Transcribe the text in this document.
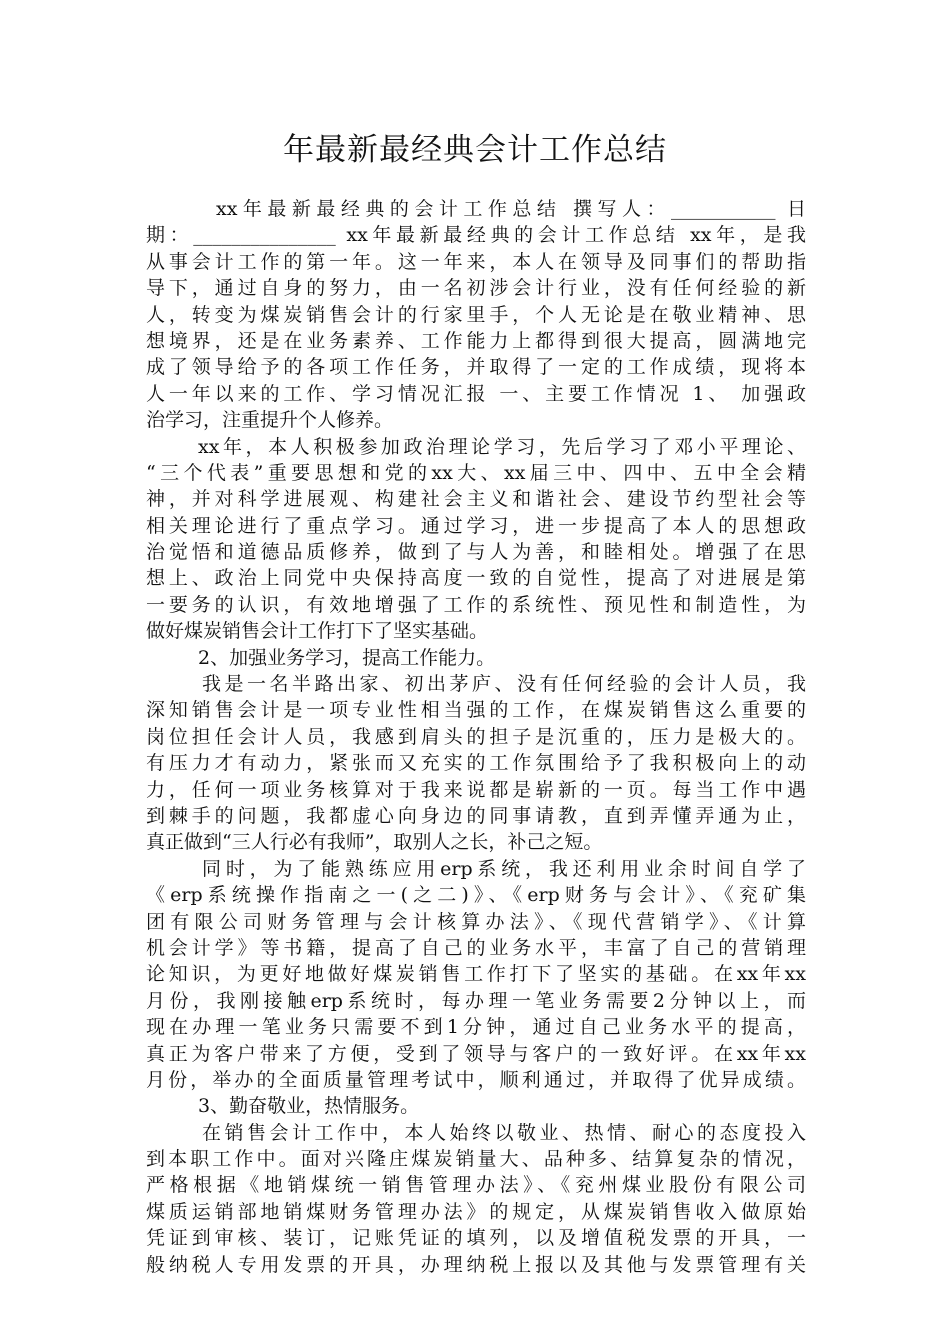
年最新最经典会计工作总结
xx年最新最经典的会计工作总结 撰写人：___________ 日
期：_______________ xx年最新最经典的会计工作总结 xx年，是我
从事会计工作的第一年。这一年来，本人在领导及同事们的帮助指
导下，通过自身的努力，由一名初涉会计行业，没有任何经验的新
人，转变为煤炭销售会计的行家里手，个人无论是在敬业精神、思
想境界，还是在业务素养、工作能力上都得到很大提高，圆满地完
成了领导给予的各项工作任务，并取得了一定的工作成绩，现将本
人一年以来的工作、学习情况汇报 一、主要工作情况 1、 加强政
治学习，注重提升个人修养。
xx年，本人积极参加政治理论学习，先后学习了邓小平理论、
“三个代表”重要思想和党的xx大、xx届三中、四中、五中全会精
神，并对科学进展观、构建社会主义和谐社会、建设节约型社会等
相关理论进行了重点学习。通过学习，进一步提高了本人的思想政
治觉悟和道德品质修养，做到了与人为善，和睦相处。增强了在思
想上、政治上同党中央保持高度一致的自觉性，提高了对进展是第
一要务的认识，有效地增强了工作的系统性、预见性和制造性，为
做好煤炭销售会计工作打下了坚实基础。
2、加强业务学习，提高工作能力。
我是一名半路出家、初出茅庐、没有任何经验的会计人员，我
深知销售会计是一项专业性相当强的工作，在煤炭销售这么重要的
岗位担任会计人员，我感到肩头的担子是沉重的，压力是极大的。
有压力才有动力，紧张而又充实的工作氛围给予了我积极向上的动
力，任何一项业务核算对于我来说都是崭新的一页。每当工作中遇
到棘手的问题，我都虚心向身边的同事请教，直到弄懂弄通为止，
真正做到“三人行必有我师”，取别人之长，补己之短。
同时，为了能熟练应用erp系统，我还利用业余时间自学了
《erp系统操作指南之一(之二)》、《erp财务与会计》、《兖矿集
团有限公司财务管理与会计核算办法》、《现代营销学》、《计算
机会计学》等书籍，提高了自己的业务水平，丰富了自己的营销理
论知识，为更好地做好煤炭销售工作打下了坚实的基础。在xx年xx
月份，我刚接触erp系统时，每办理一笔业务需要2分钟以上，而
现在办理一笔业务只需要不到1分钟，通过自己业务水平的提高，
真正为客户带来了方便，受到了领导与客户的一致好评。在xx年xx
月份，举办的全面质量管理考试中，顺利通过，并取得了优异成绩。
3、勤奋敬业，热情服务。
在销售会计工作中，本人始终以敬业、热情、耐心的态度投入
到本职工作中。面对兴隆庄煤炭销量大、品种多、结算复杂的情况，
严格根据《地销煤统一销售管理办法》、《兖州煤业股份有限公司
煤质运销部地销煤财务管理办法》的规定，从煤炭销售收入做原始
凭证到审核、装订，记账凭证的填列，以及增值税发票的开具，一
般纳税人专用发票的开具，办理纳税上报以及其他与发票管理有关
